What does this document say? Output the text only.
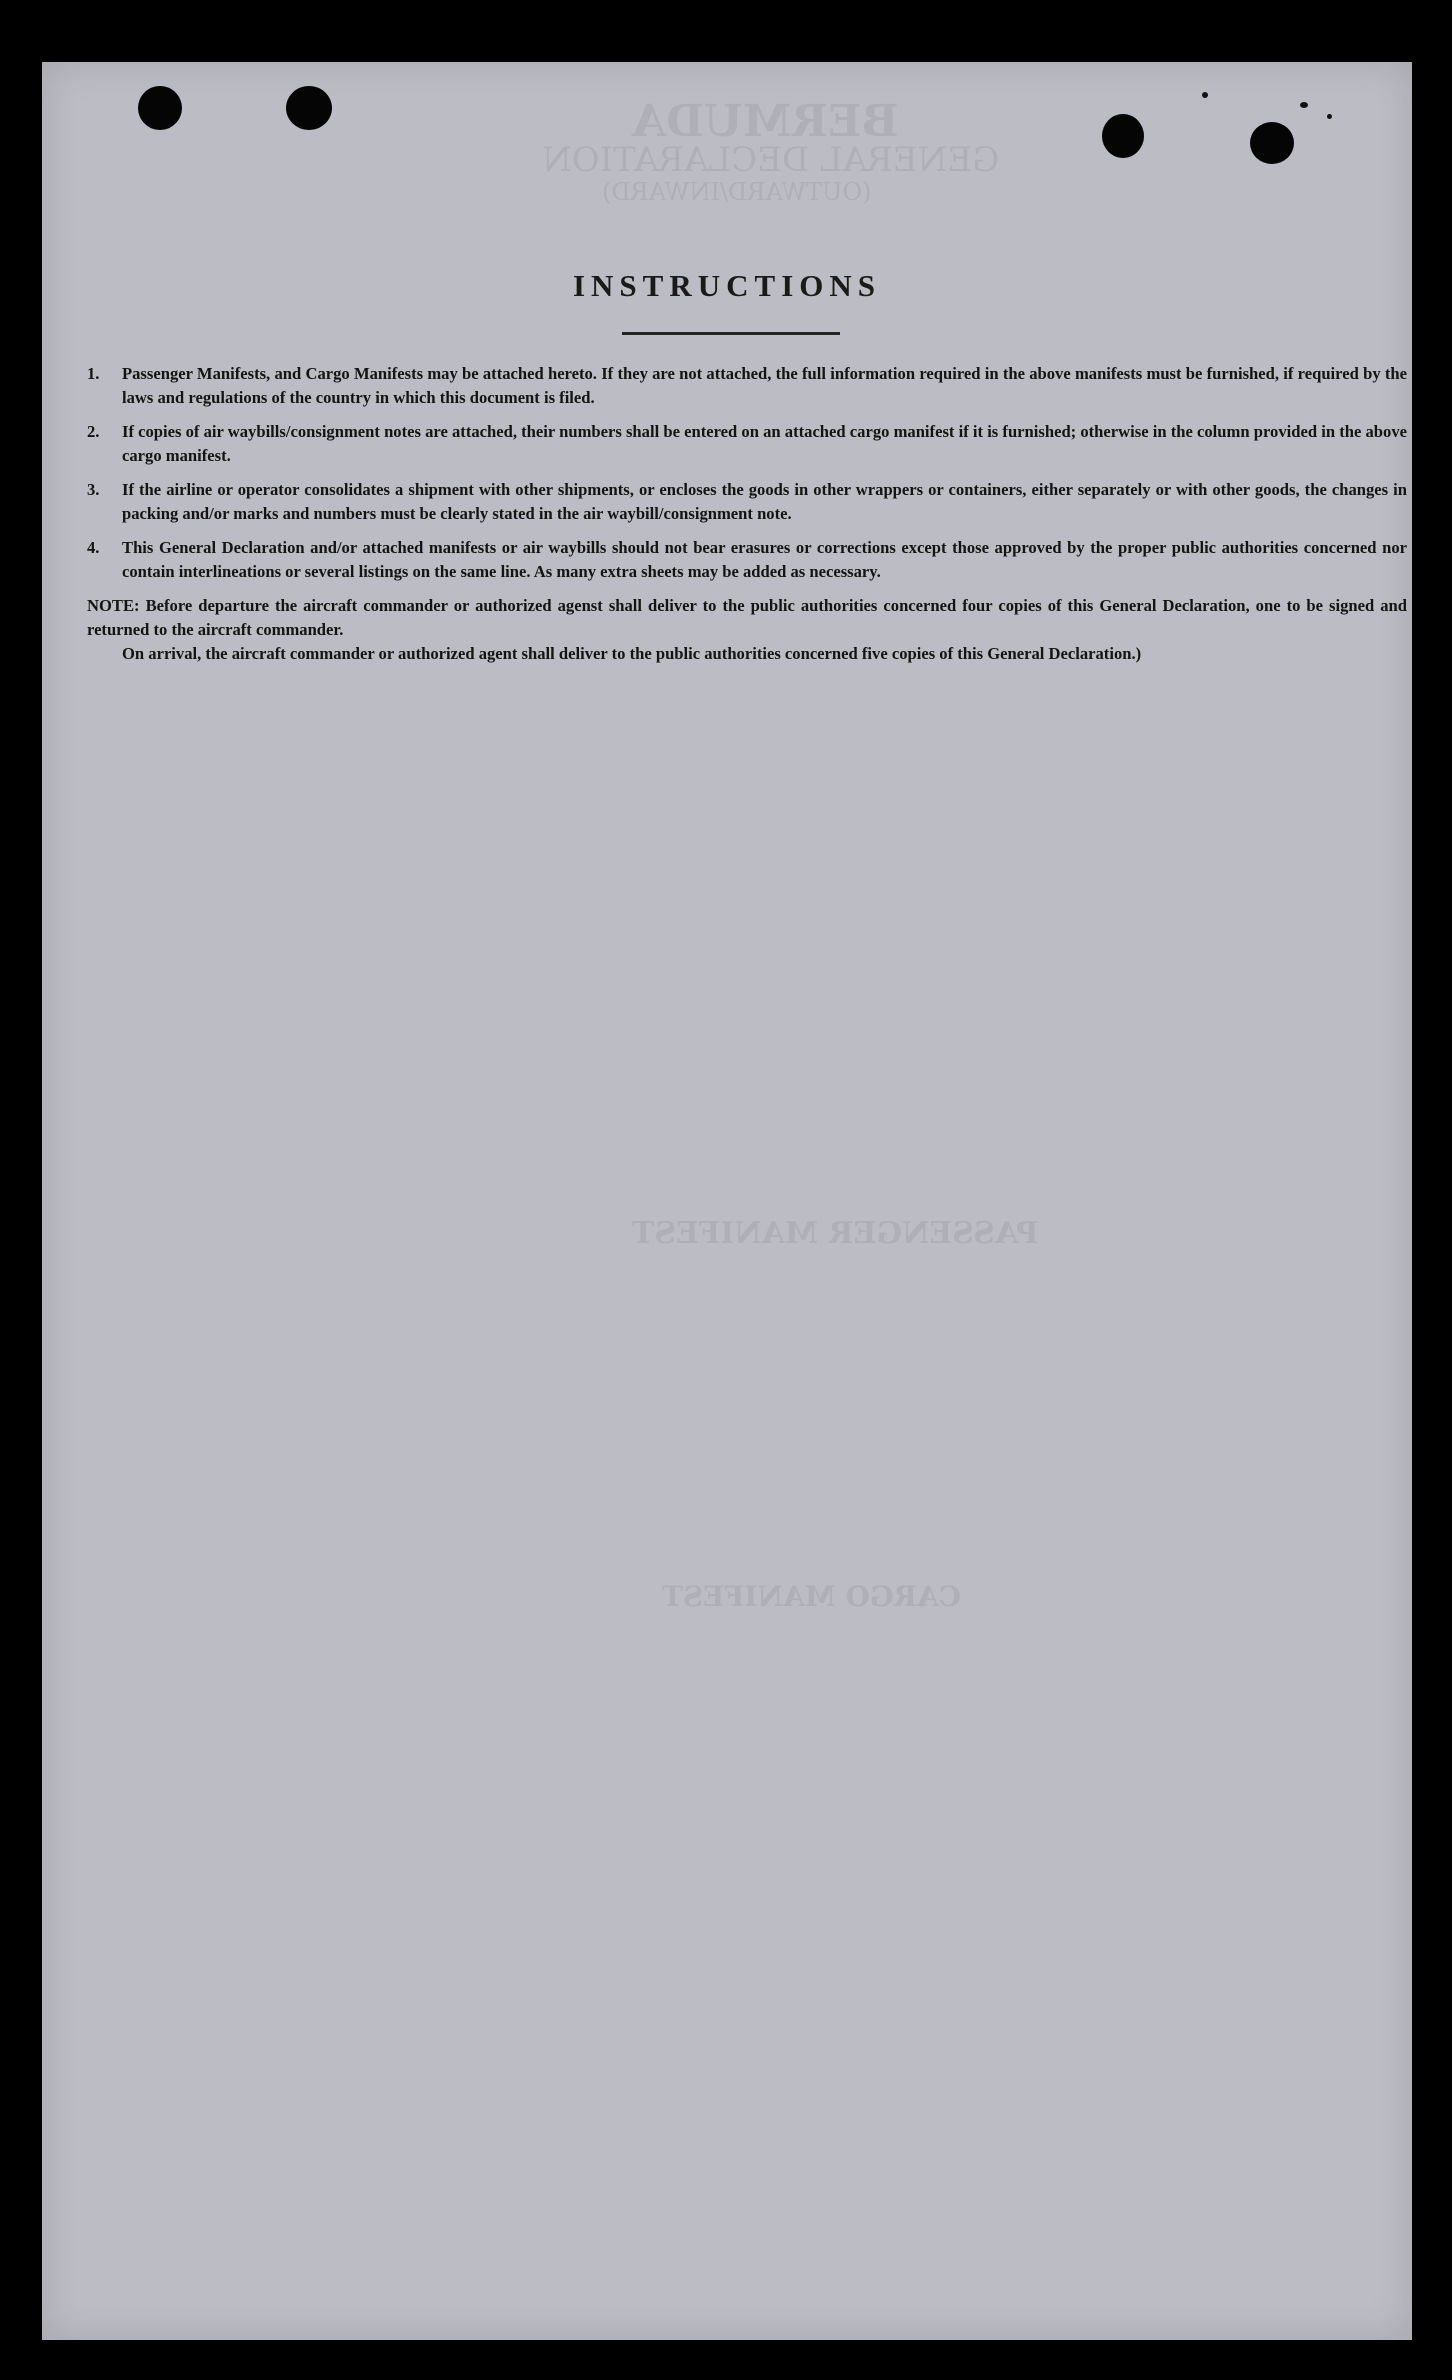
BERMUDA
GENERAL DECLARATION
(OUTWARD/INWARD)
PASSENGER MANIFEST
CARGO MANIFEST
INSTRUCTIONS
1.	Passenger Manifests, and Cargo Manifests may be attached hereto. If they are not attached, the full information required in the above manifests must be furnished, if required by the laws and regulations of the country in which this document is filed.
2.	If copies of air waybills/consignment notes are attached, their numbers shall be entered on an attached cargo manifest if it is furnished; otherwise in the column provided in the above cargo manifest.
3.	If the airline or operator consolidates a shipment with other shipments, or encloses the goods in other wrappers or containers, either separately or with other goods, the changes in packing and/or marks and numbers must be clearly stated in the air waybill/consignment note.
4.	This General Declaration and/or attached manifests or air waybills should not bear erasures or corrections except those approved by the proper public authorities concerned nor contain interlineations or several listings on the same line. As many extra sheets may be added as necessary.
NOTE: Before departure the aircraft commander or authorized agenst shall deliver to the public authorities concerned four copies of this General Declaration, one to be signed and returned to the aircraft commander.
On arrival, the aircraft commander or authorized agent shall deliver to the public authorities concerned five copies of this General Declaration.)
